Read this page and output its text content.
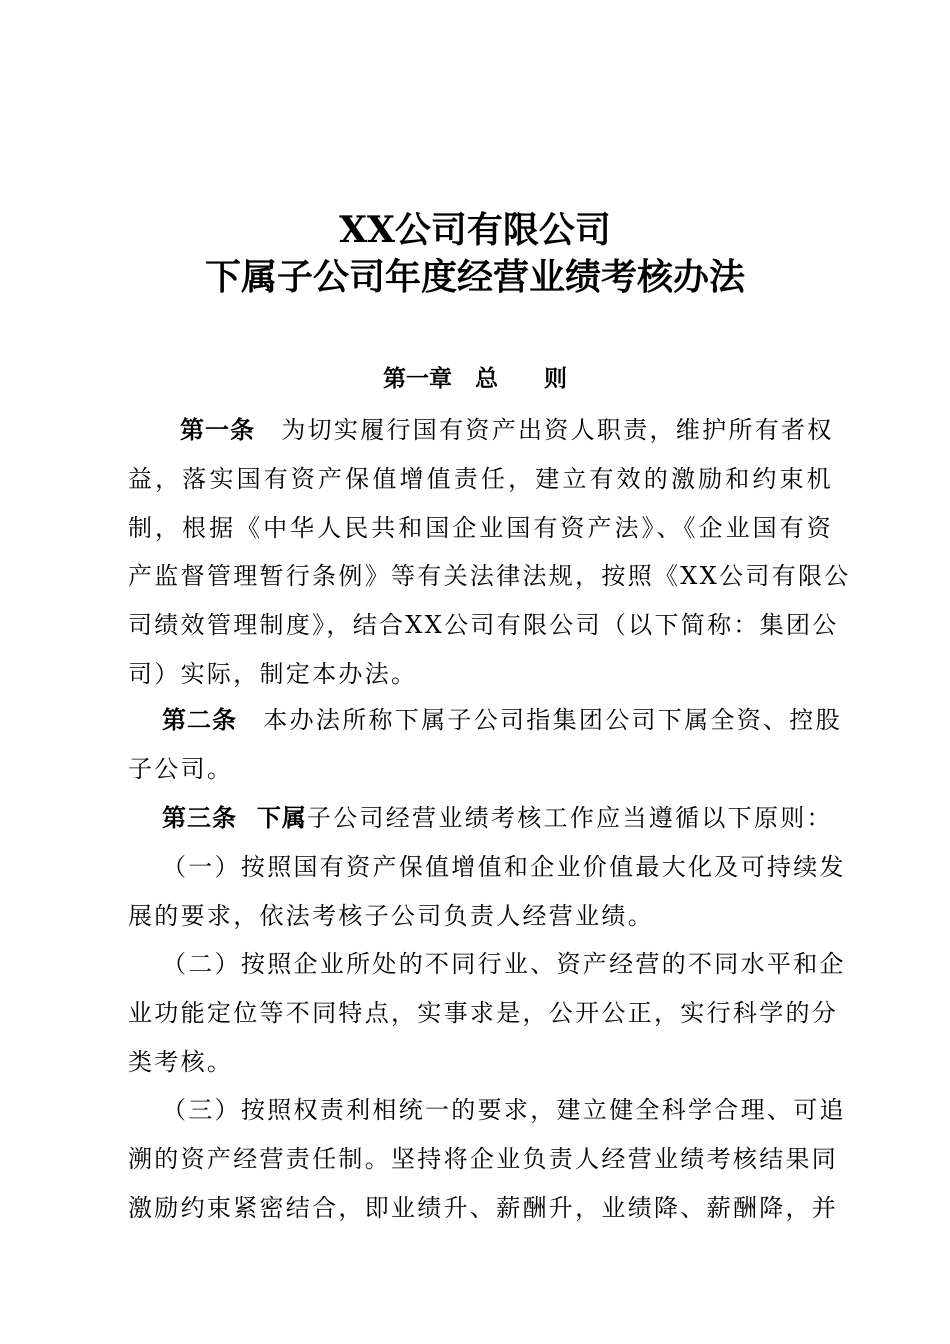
XX公司有限公司
下属子公司年度经营业绩考核办法
第一章　总　　则
第一条　 为切实履行国有资产出资人职责，维护所有者权
益，落实国有资产保值增值责任，建立有效的激励和约束机
制，根据《中华人民共和国企业国有资产法》、《企业国有资
产监督管理暂行条例》等有关法律法规，按照《XX公司有限公
司绩效管理制度》，结合XX公司有限公司（以下简称：集团公
司）实际，制定本办法。
第二条　 本办法所称下属子公司指集团公司下属全资、控股
子公司。
第三条 下属子公司经营业绩考核工作应当遵循以下原则：
（一）按照国有资产保值增值和企业价值最大化及可持续发
展的要求，依法考核子公司负责人经营业绩。
（二）按照企业所处的不同行业、资产经营的不同水平和企
业功能定位等不同特点，实事求是，公开公正，实行科学的分
类考核。
（三）按照权责利相统一的要求，建立健全科学合理、可追
溯的资产经营责任制。坚持将企业负责人经营业绩考核结果同
激励约束紧密结合，即业绩升、薪酬升，业绩降、薪酬降，并
